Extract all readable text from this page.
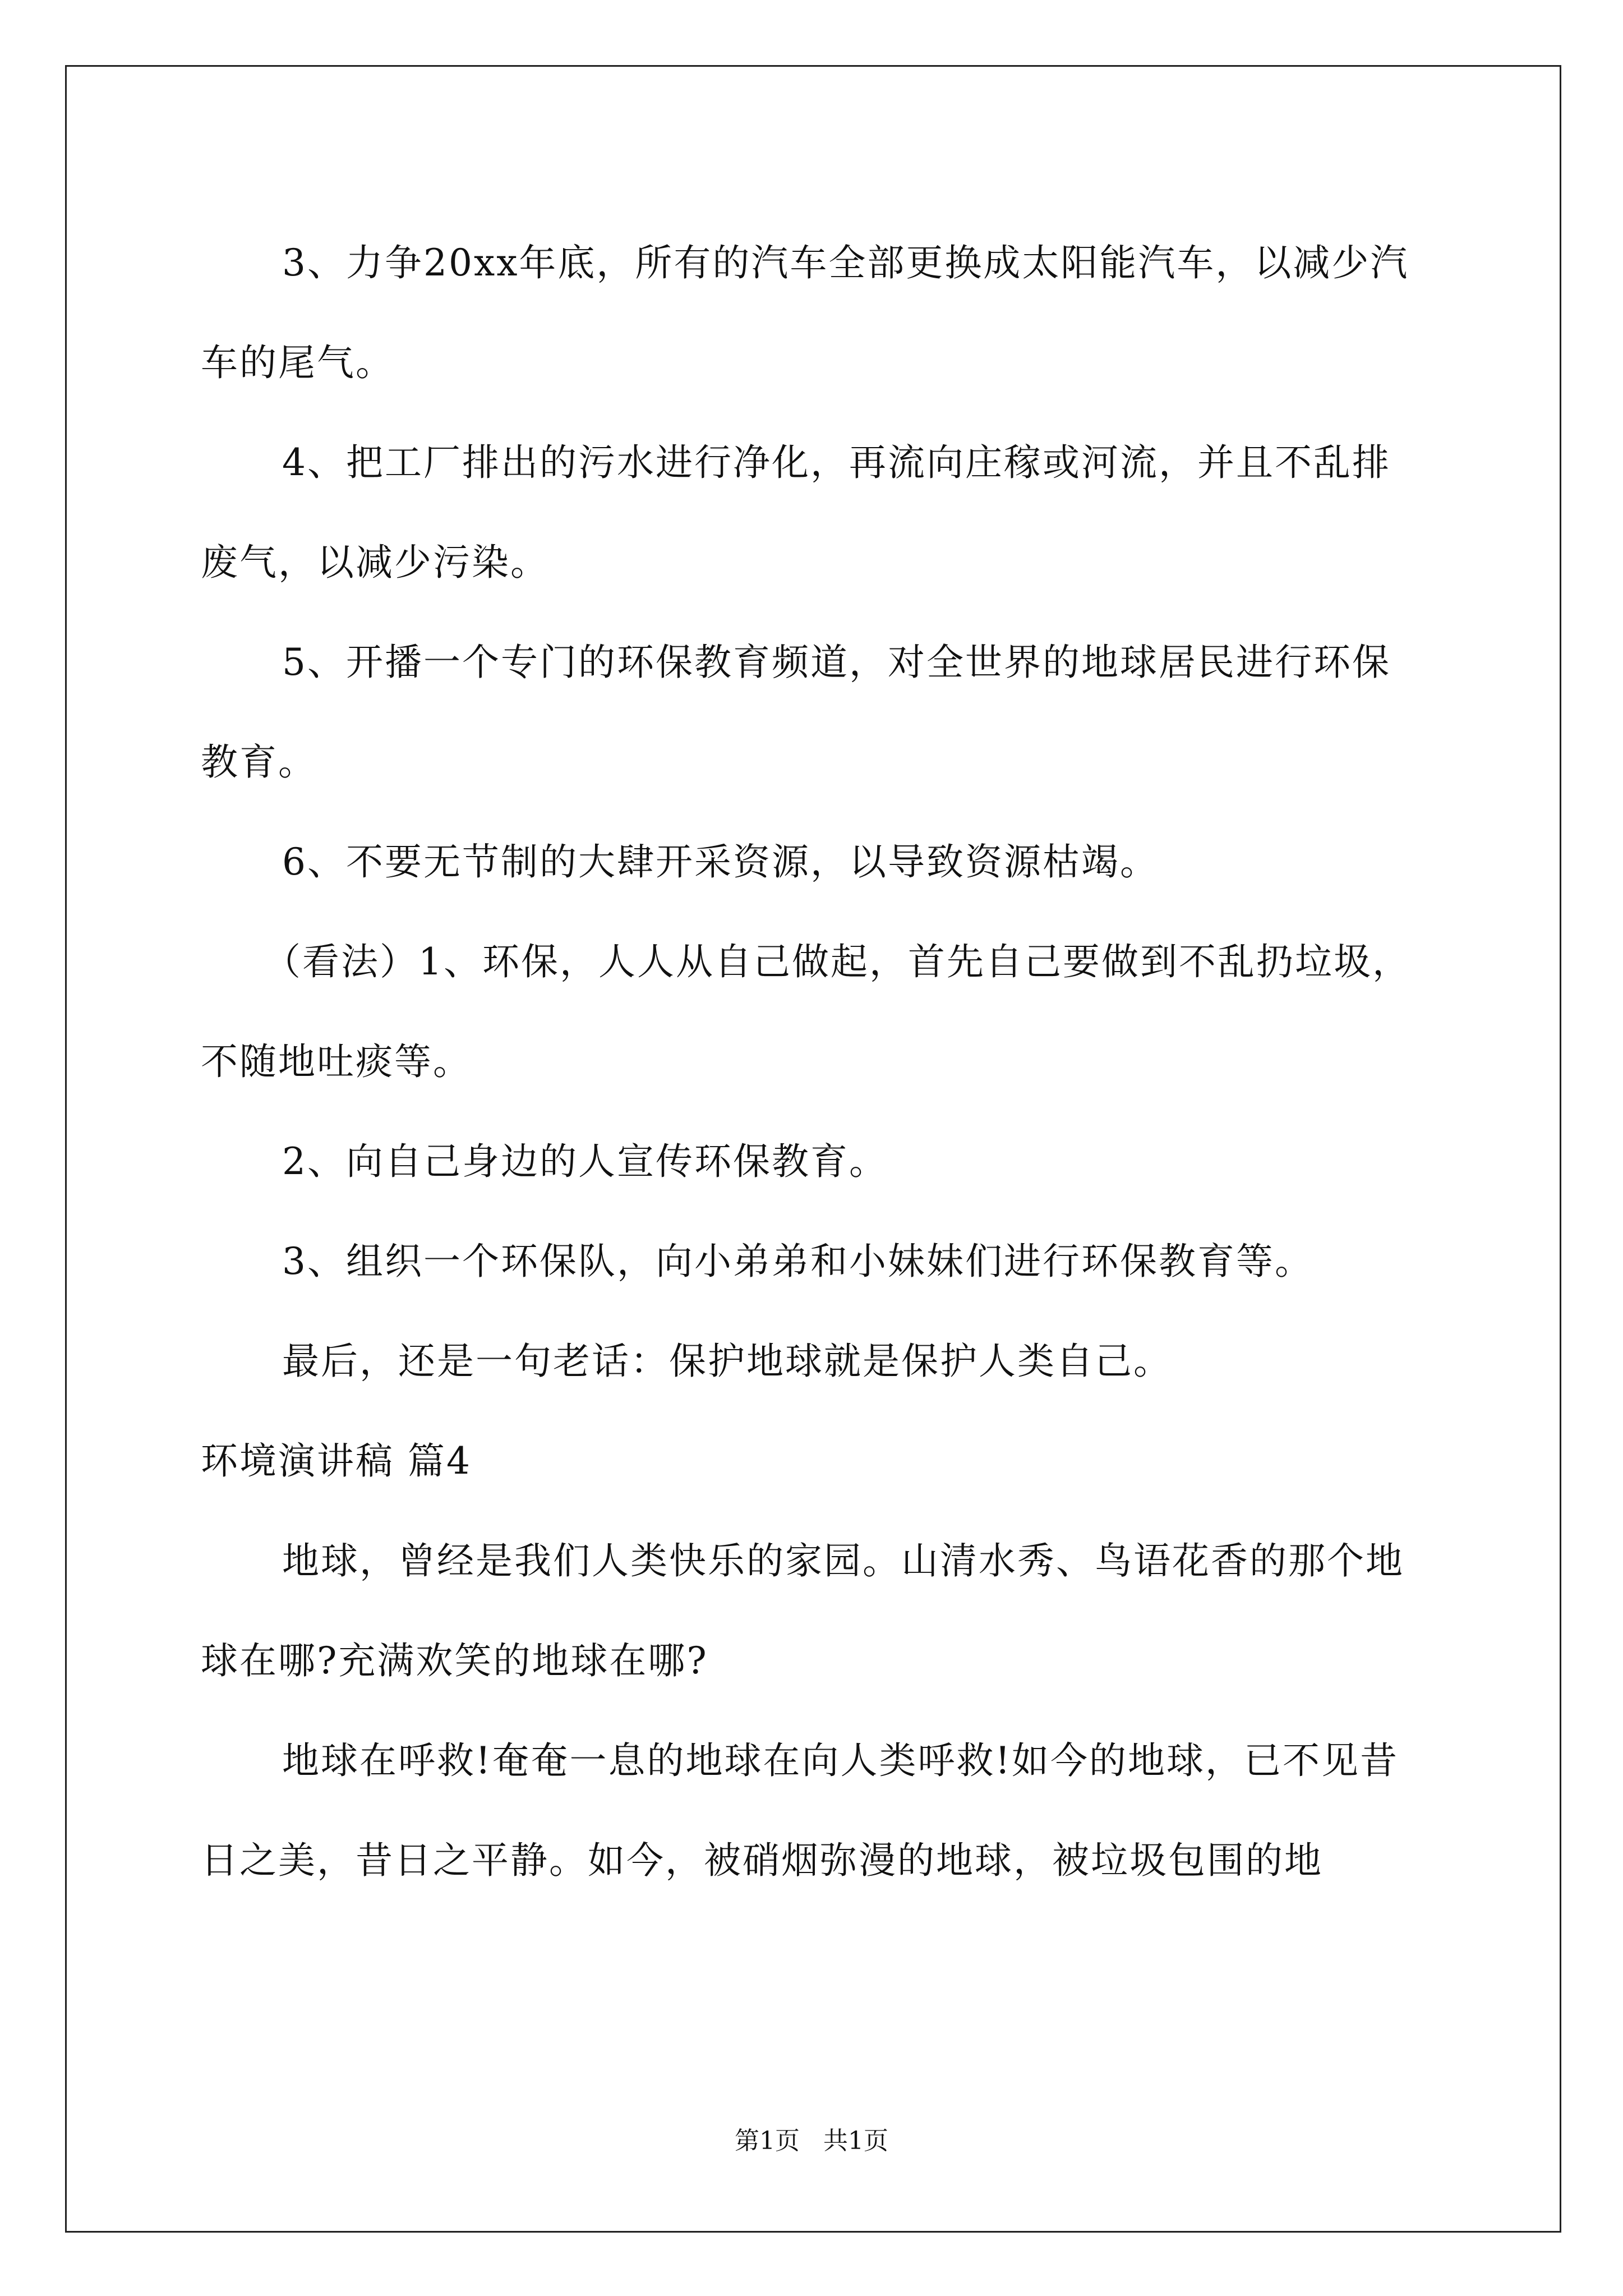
3、力争20xx年底，所有的汽车全部更换成太阳能汽车，以减少汽车的尾气。

4、把工厂排出的污水进行净化，再流向庄稼或河流，并且不乱排废气，以减少污染。

5、开播一个专门的环保教育频道，对全世界的地球居民进行环保教育。

6、不要无节制的大肆开采资源，以导致资源枯竭。

（看法）1、环保，人人从自己做起，首先自己要做到不乱扔垃圾，不随地吐痰等。

2、向自己身边的人宣传环保教育。

3、组织一个环保队，向小弟弟和小妹妹们进行环保教育等。

最后，还是一句老话：保护地球就是保护人类自己。

环境演讲稿 篇4

地球，曾经是我们人类快乐的家园。山清水秀、鸟语花香的那个地球在哪?充满欢笑的地球在哪?

地球在呼救!奄奄一息的地球在向人类呼救!如今的地球，已不见昔日之美，昔日之平静。如今，被硝烟弥漫的地球，被垃圾包围的地

第1页 共1页
